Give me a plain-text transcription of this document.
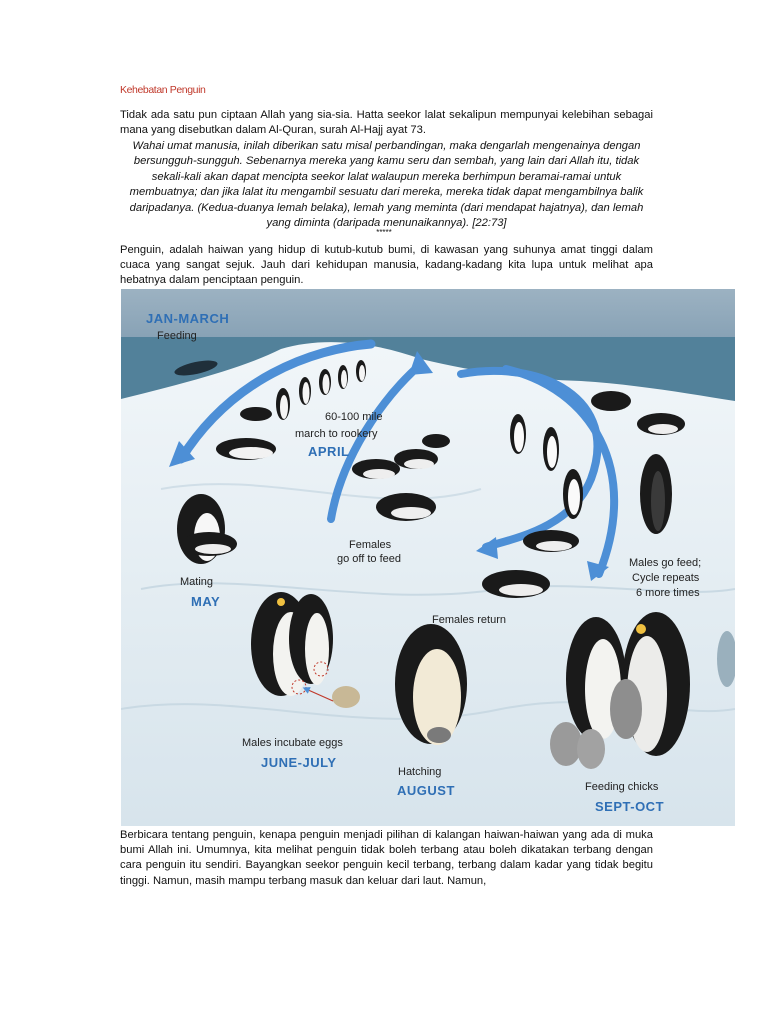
Kehebatan Penguin

Tidak ada satu pun ciptaan Allah yang sia-sia. Hatta seekor lalat sekalipun mempunyai kelebihan sebagai mana yang disebutkan dalam Al-Quran, surah Al-Hajj ayat 73.

Wahai umat manusia, inilah diberikan satu misal perbandingan, maka dengarlah mengenainya dengan bersungguh-sungguh. Sebenarnya mereka yang kamu seru dan sembah, yang lain dari Allah itu, tidak sekali-kali akan dapat mencipta seekor lalat walaupun mereka berhimpun beramai-ramai untuk membuatnya; dan jika lalat itu mengambil sesuatu dari mereka, mereka tidak dapat mengambilnya balik daripadanya. (Kedua-duanya lemah belaka), lemah yang meminta (dari mendapat hajatnya), dan lemah yang diminta (daripada menunaikannya). [22:73]

*****

Penguin, adalah haiwan yang hidup di kutub-kutub bumi, di kawasan yang suhunya amat tinggi dalam cuaca yang sangat sejuk. Jauh dari kehidupan manusia, kadang-kadang kita lupa untuk melihat apa hebatnya dalam penciptaan penguin.

JAN-MARCH
Feeding
60-100 mile
march to rookery
APRIL
Females
go off to feed
Mating
MAY
Males go feed;
Cycle repeats
6 more times
Females return
Males incubate eggs
JUNE-JULY
Hatching
AUGUST	Feeding chicks
SEPT-OCT

Berbicara tentang penguin, kenapa penguin menjadi pilihan di kalangan haiwan-haiwan yang ada di muka bumi Allah ini. Umumnya, kita melihat penguin tidak boleh terbang atau boleh dikatakan terbang dengan cara penguin itu sendiri. Bayangkan seekor penguin kecil terbang, terbang dalam kadar yang tidak begitu tinggi. Namun, masih mampu terbang masuk dan keluar dari laut. Namun,
